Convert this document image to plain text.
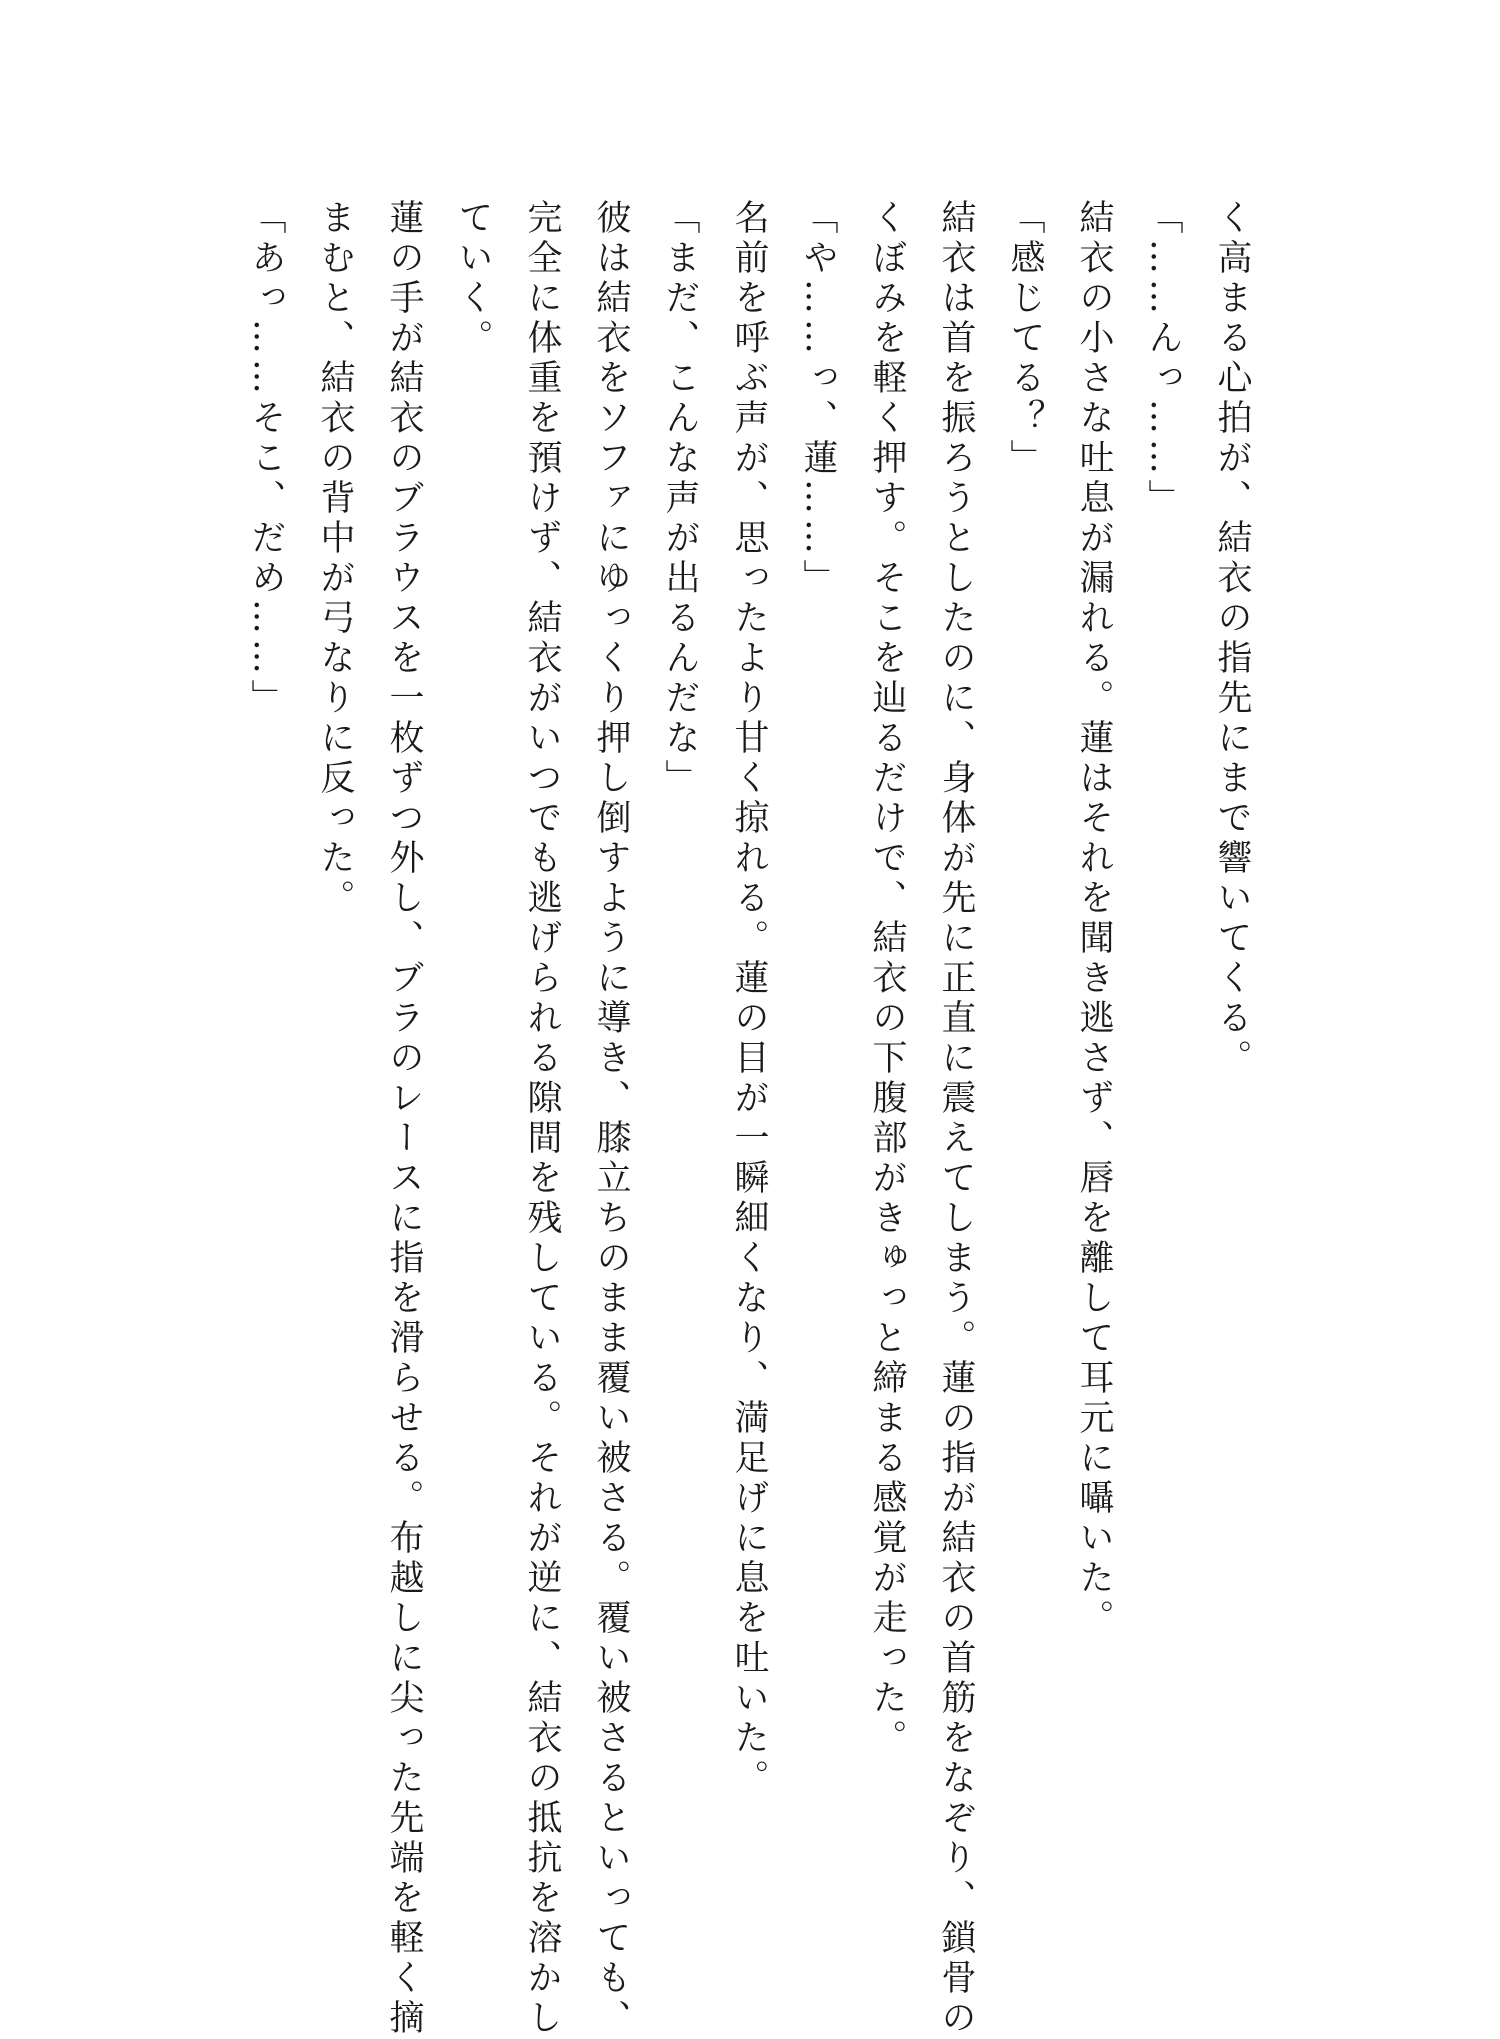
く高まる心拍が、結衣の指先にまで響いてくる。

「……んっ……」

結衣の小さな吐息が漏れる。蓮はそれを聞き逃さず、唇を離して耳元に囁いた。

「感じてる？」

結衣は首を振ろうとしたのに、身体が先に正直に震えてしまう。蓮の指が結衣の首筋をなぞり、鎖骨の

くぼみを軽く押す。そこを辿るだけで、結衣の下腹部がきゅっと締まる感覚が走った。

「や……っ、蓮……」

名前を呼ぶ声が、思ったより甘く掠れる。蓮の目が一瞬細くなり、満足げに息を吐いた。

「まだ、こんな声が出るんだな」

彼は結衣をソファにゆっくり押し倒すように導き、膝立ちのまま覆い被さる。覆い被さるといっても、

完全に体重を預けず、結衣がいつでも逃げられる隙間を残している。それが逆に、結衣の抵抗を溶かし

ていく。

蓮の手が結衣のブラウスを一枚ずつ外し、ブラのレースに指を滑らせる。布越しに尖った先端を軽く摘

まむと、結衣の背中が弓なりに反った。

「あっ……そこ、だめ……」
